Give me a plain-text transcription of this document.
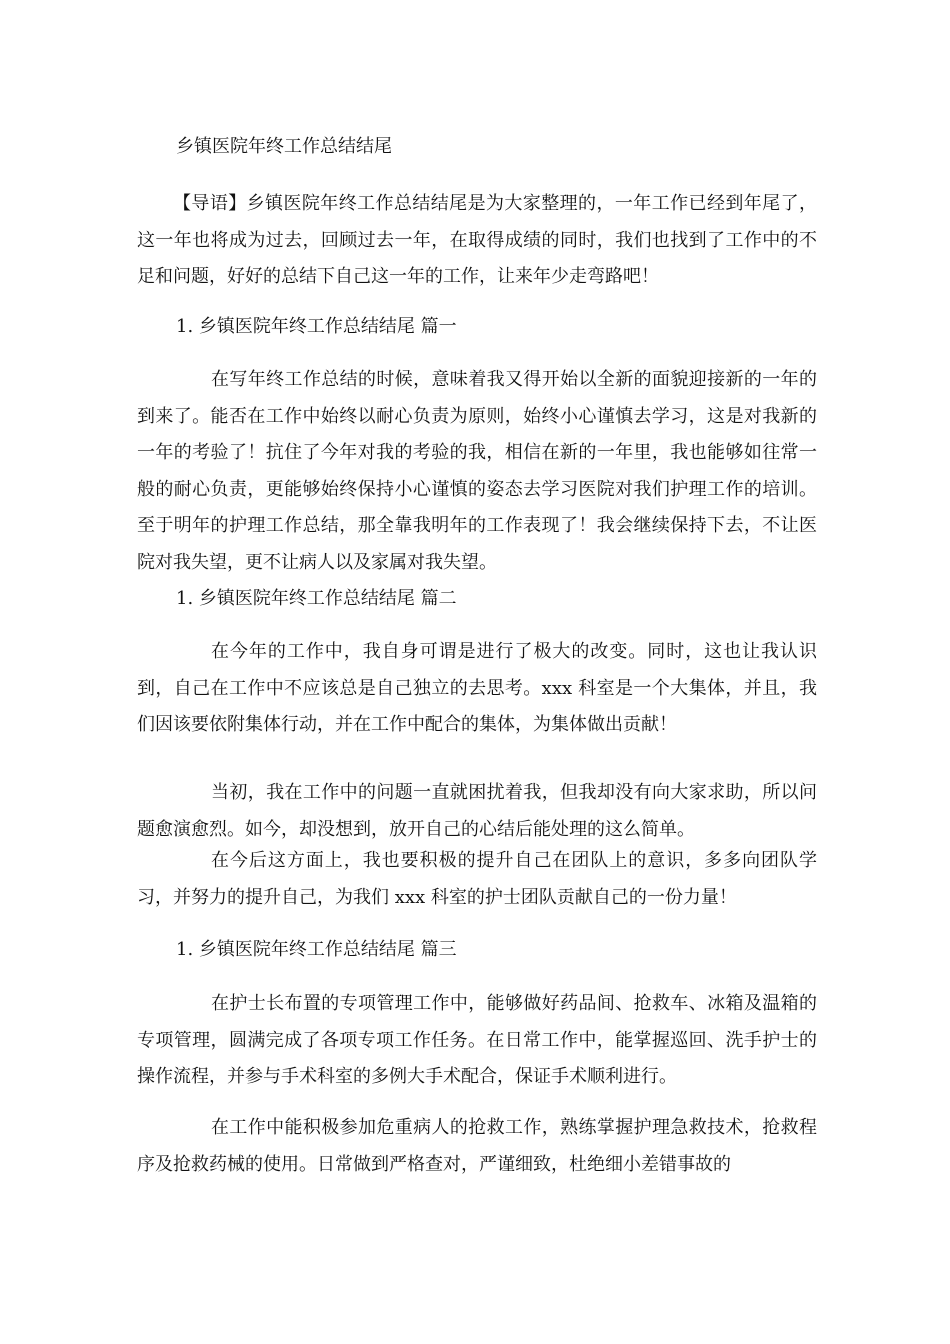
乡镇医院年终工作总结结尾

【导语】乡镇医院年终工作总结结尾是为大家整理的，一年工作已经到年尾了，这一年也将成为过去，回顾过去一年，在取得成绩的同时，我们也找到了工作中的不足和问题，好好的总结下自己这一年的工作，让来年少走弯路吧！

1. 乡镇医院年终工作总结结尾 篇一

在写年终工作总结的时候，意味着我又得开始以全新的面貌迎接新的一年的到来了。能否在工作中始终以耐心负责为原则，始终小心谨慎去学习，这是对我新的一年的考验了！抗住了今年对我的考验的我，相信在新的一年里，我也能够如往常一般的耐心负责，更能够始终保持小心谨慎的姿态去学习医院对我们护理工作的培训。至于明年的护理工作总结，那全靠我明年的工作表现了！我会继续保持下去，不让医院对我失望，更不让病人以及家属对我失望。

1. 乡镇医院年终工作总结结尾 篇二

在今年的工作中，我自身可谓是进行了极大的改变。同时，这也让我认识到，自己在工作中不应该总是自己独立的去思考。xxx 科室是一个大集体，并且，我们因该要依附集体行动，并在工作中配合的集体，为集体做出贡献！

当初，我在工作中的问题一直就困扰着我，但我却没有向大家求助，所以问题愈演愈烈。如今，却没想到，放开自己的心结后能处理的这么简单。

在今后这方面上，我也要积极的提升自己在团队上的意识，多多向团队学习，并努力的提升自己，为我们 xxx 科室的护士团队贡献自己的一份力量！

1. 乡镇医院年终工作总结结尾 篇三

在护士长布置的专项管理工作中，能够做好药品间、抢救车、冰箱及温箱的专项管理，圆满完成了各项专项工作任务。在日常工作中，能掌握巡回、洗手护士的操作流程，并参与手术科室的多例大手术配合，保证手术顺利进行。

在工作中能积极参加危重病人的抢救工作，熟练掌握护理急救技术，抢救程序及抢救药械的使用。日常做到严格查对，严谨细致，杜绝细小差错事故的
